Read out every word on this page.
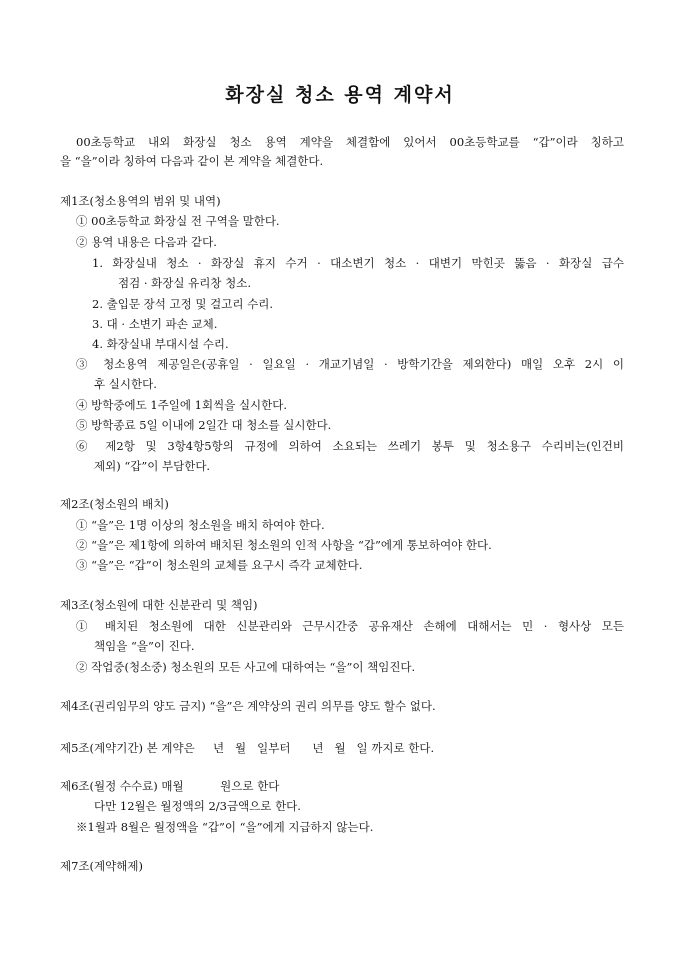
화장실 청소 용역 계약서
00초등학교 내외 화장실 청소 용역 계약을 체결함에 있어서 00초등학교를 “갑”이라 칭하고
을 “을”이라 칭하여 다음과 같이 본 계약을 체결한다.
제1조(청소용역의 범위 및 내역)
① 00초등학교 화장실 전 구역을 말한다.
② 용역 내용은 다음과 같다.
1. 화장실내 청소 · 화장실 휴지 수거 · 대소변기 청소 · 대변기 막힌곳 뚫음 · 화장실 급수
점검 · 화장실 유리창 청소.
2. 출입문 장석 고정 및 걸고리 수리.
3. 대 · 소변기 파손 교체.
4. 화장실내 부대시설 수리.
③ 청소용역 제공일은(공휴일 · 일요일 · 개교기념일 · 방학기간을 제외한다) 매일 오후 2시 이
후 실시한다.
④ 방학중에도 1주일에 1회씩을 실시한다.
⑤ 방학종료 5일 이내에 2일간 대 청소를 실시한다.
⑥ 제2항 및 3항4항5항의 규정에 의하여 소요되는 쓰레기 봉투 및 청소용구 수리비는(인건비
제외) “갑”이 부담한다.
제2조(청소원의 배치)
① “을”은 1명 이상의 청소원을 배치 하여야 한다.
② “을”은 제1항에 의하여 배치된 청소원의 인적 사항을 “갑”에게 통보하여야 한다.
③ “을”은 “갑”이 청소원의 교체를 요구시 즉각 교체한다.
제3조(청소원에 대한 신분관리 및 책임)
① 배치된 청소원에 대한 신분관리와 근무시간중 공유재산 손해에 대해서는 민 · 형사상 모든
책임을 “을”이 진다.
② 작업중(청소중) 청소원의 모든 사고에 대하여는 “을”이 책임진다.
제4조(권리임무의 양도 금지) “을”은 계약상의 권리 의무를 양도 할수 없다.
제5조(계약기간) 본 계약은     년   월   일부터      년   월   일 까지로 한다.
제6조(월정 수수료) 매월          원으로 한다
다만 12월은 월정액의 2/3금액으로 한다.
※1월과 8월은 월정액을 “갑”이 “을”에게 지급하지 않는다.
제7조(계약해제)
